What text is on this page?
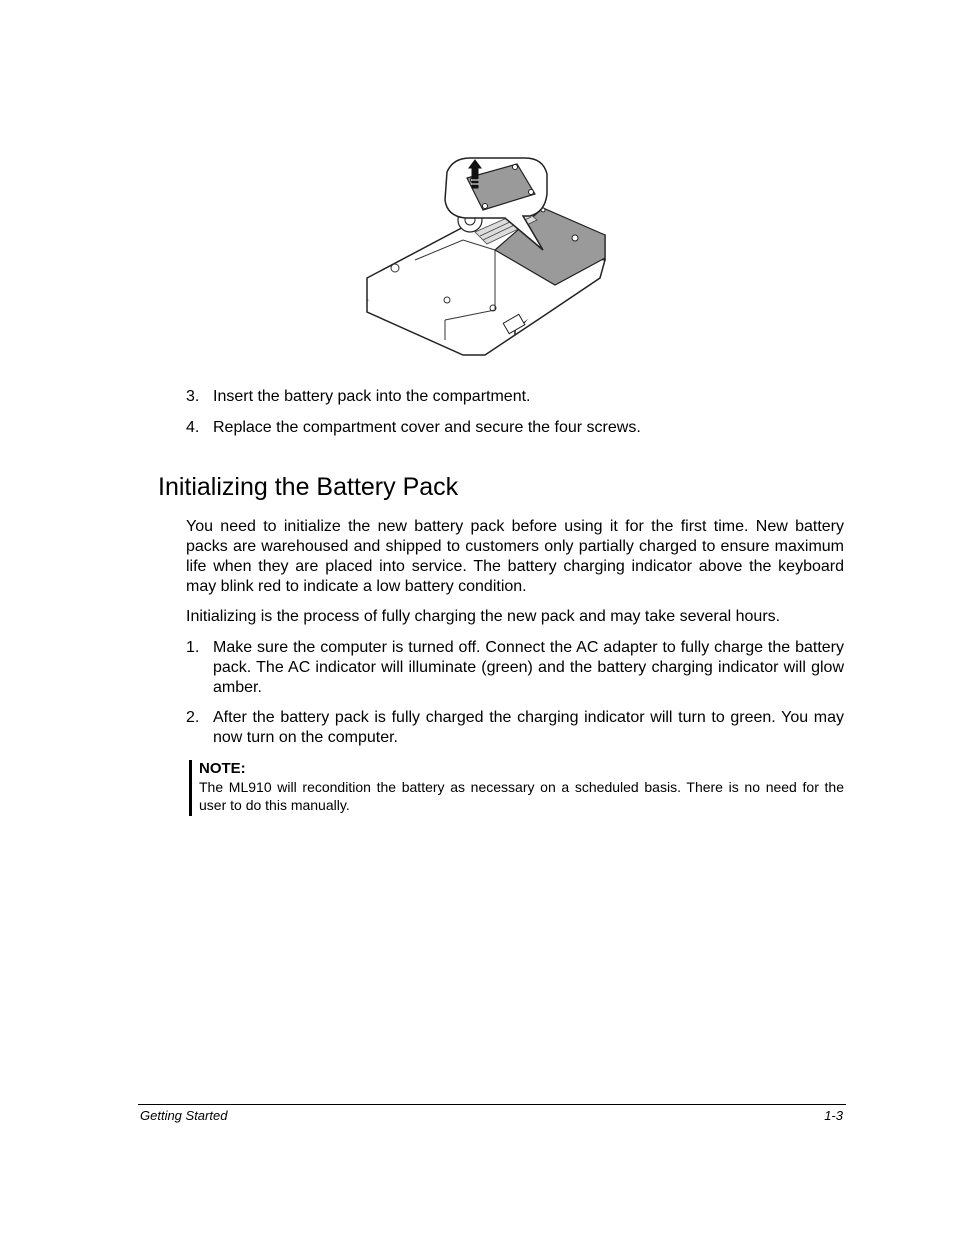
3. Insert the battery pack into the compartment.
4. Replace the compartment cover and secure the four screws.
Initializing the Battery Pack

You need to initialize the new battery pack before using it for the first time. New battery packs are warehoused and shipped to customers only partially charged to ensure maximum life when they are placed into service. The battery charging indicator above the keyboard may blink red to indicate a low battery condition.

Initializing is the process of fully charging the new pack and may take several hours.

1. Make sure the computer is turned off. Connect the AC adapter to fully charge the battery pack. The AC indicator will illuminate (green) and the battery charging indicator will glow amber.
2. After the battery pack is fully charged the charging indicator will turn to green. You may now turn on the computer.
NOTE:
The ML910 will recondition the battery as necessary on a scheduled basis. There is no need for the user to do this manually.
Getting Started	1-3
